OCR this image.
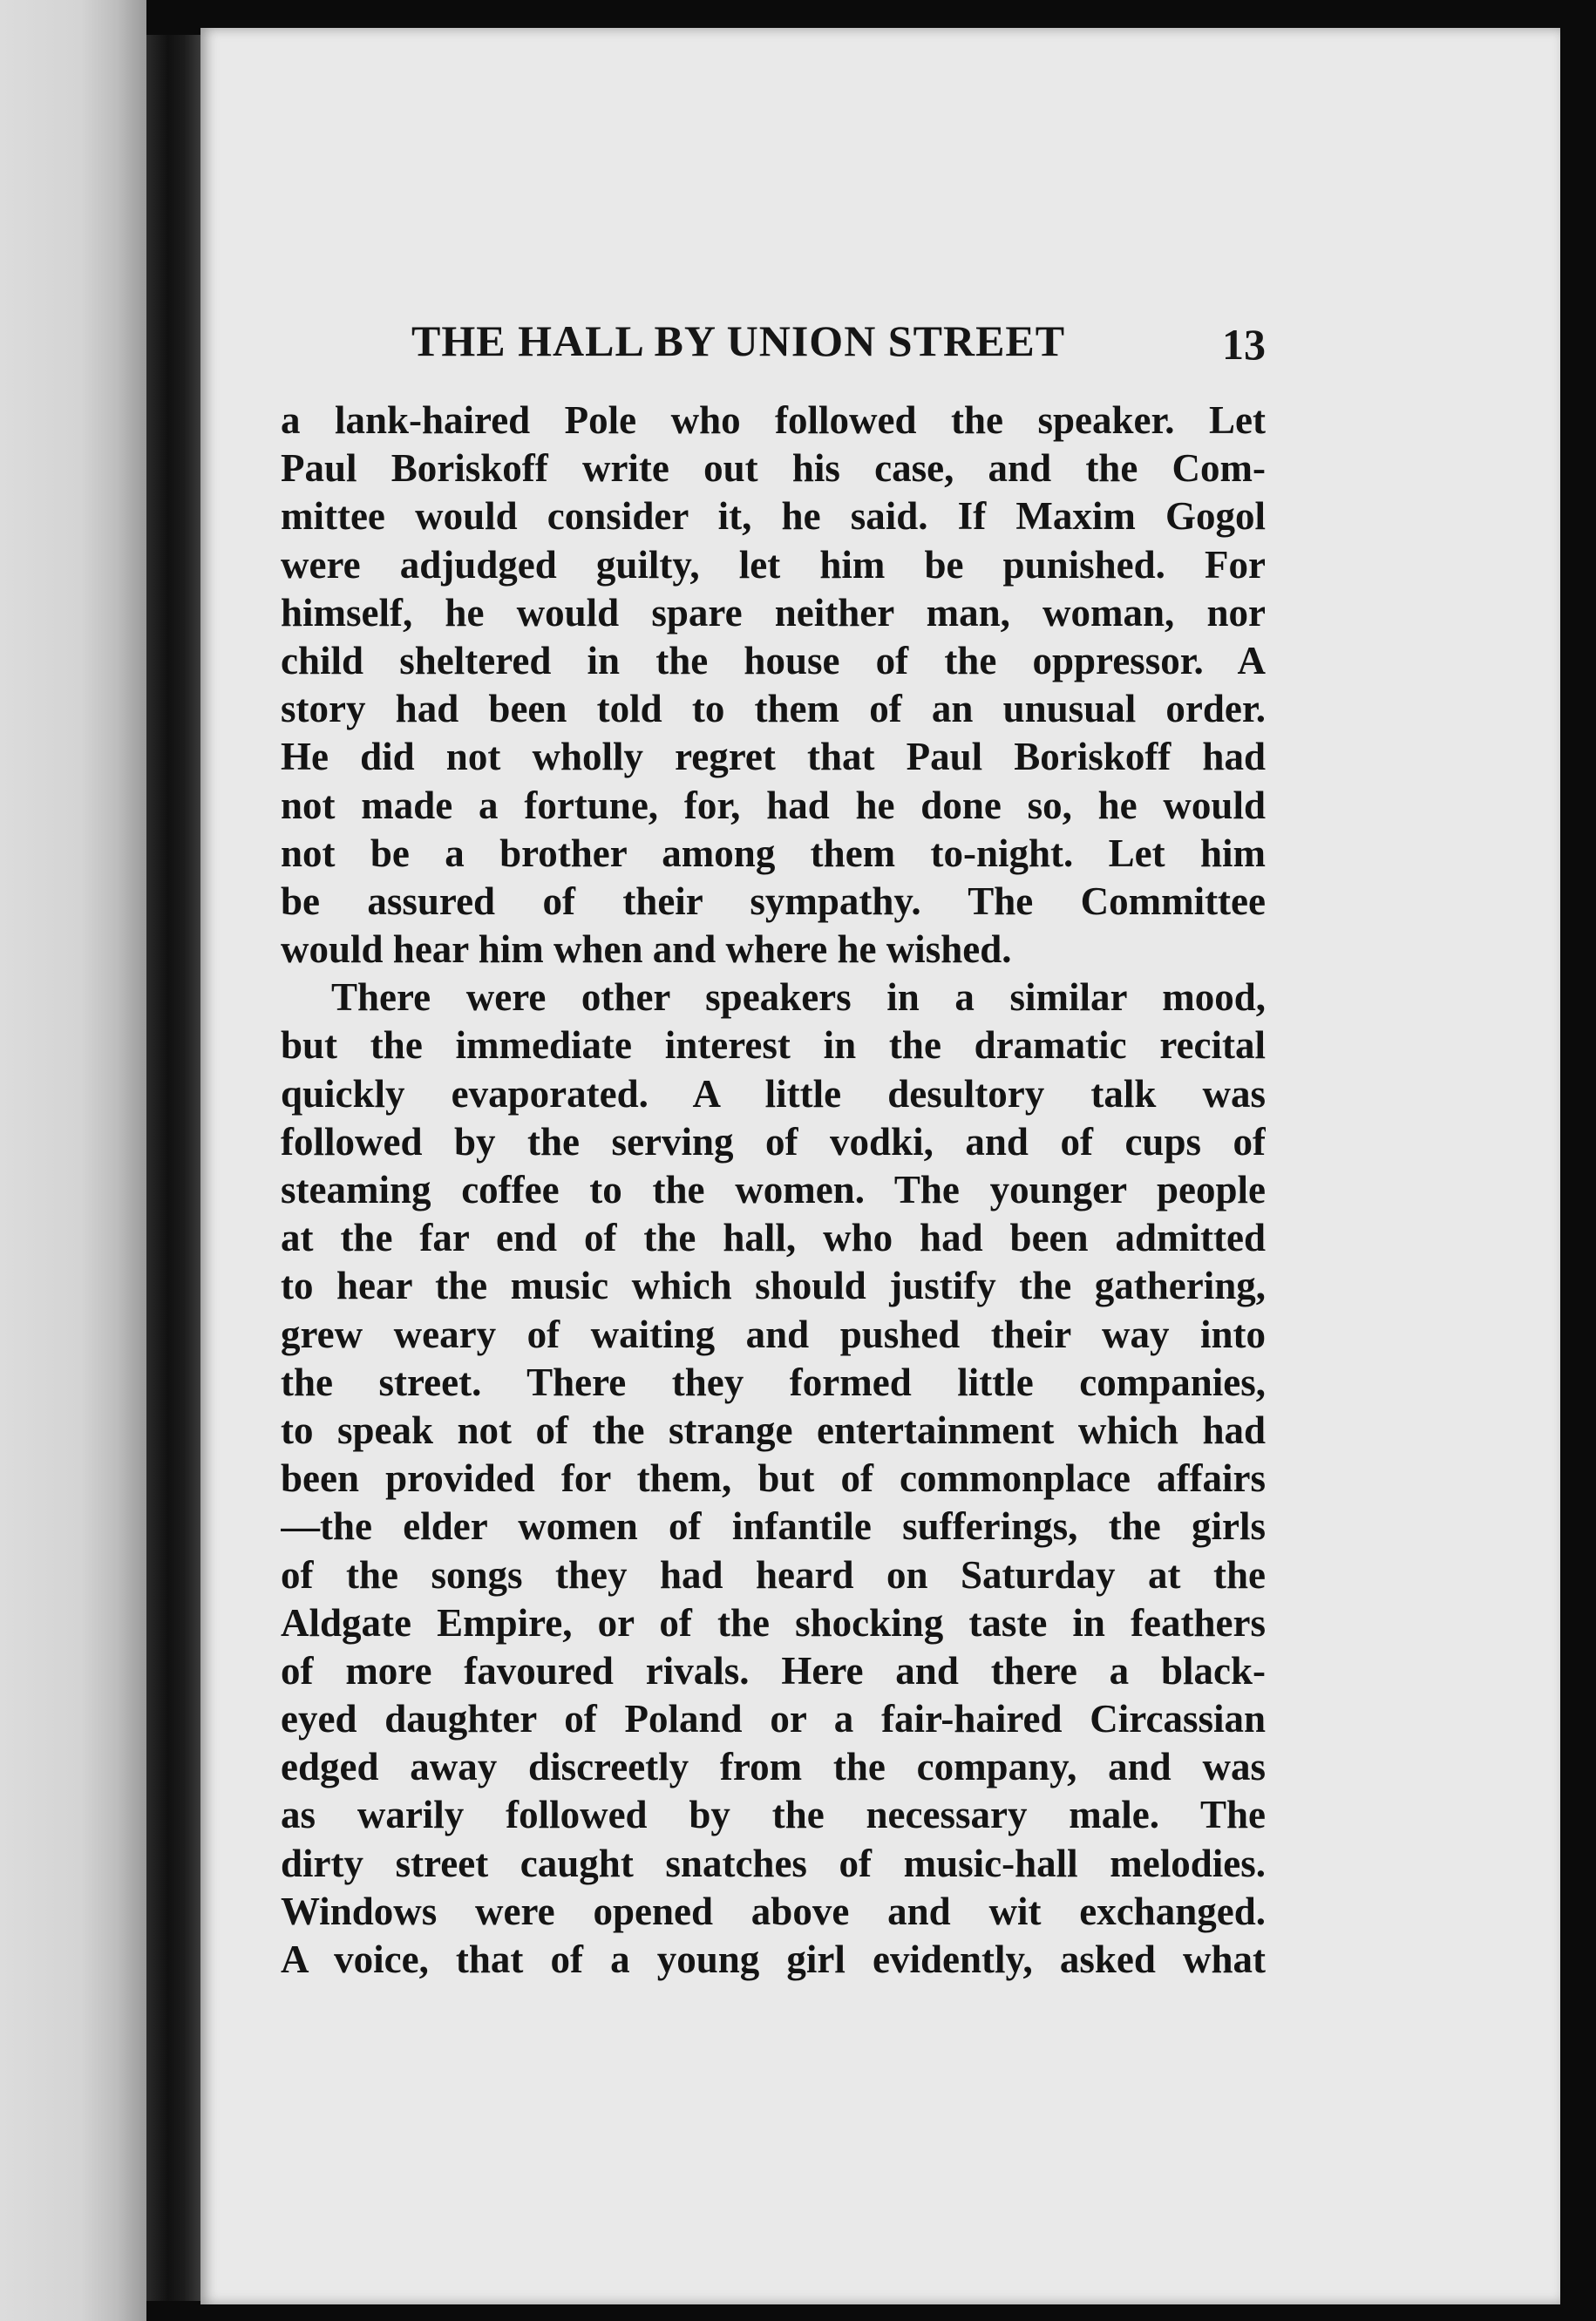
THE HALL BY UNION STREET	13
a lank-haired Pole who followed the speaker. Let
Paul Boriskoff write out his case, and the Com-
mittee would consider it, he said. If Maxim Gogol
were adjudged guilty, let him be punished. For
himself, he would spare neither man, woman, nor
child sheltered in the house of the oppressor. A
story had been told to them of an unusual order.
He did not wholly regret that Paul Boriskoff had
not made a fortune, for, had he done so, he would
not be a brother among them to-night. Let him
be assured of their sympathy. The Committee
would hear him when and where he wished.
There were other speakers in a similar mood,
but the immediate interest in the dramatic recital
quickly evaporated. A little desultory talk was
followed by the serving of vodki, and of cups of
steaming coffee to the women. The younger people
at the far end of the hall, who had been admitted
to hear the music which should justify the gathering,
grew weary of waiting and pushed their way into
the street. There they formed little companies,
to speak not of the strange entertainment which had
been provided for them, but of commonplace affairs
—the elder women of infantile sufferings, the girls
of the songs they had heard on Saturday at the
Aldgate Empire, or of the shocking taste in feathers
of more favoured rivals. Here and there a black-
eyed daughter of Poland or a fair-haired Circassian
edged away discreetly from the company, and was
as warily followed by the necessary male. The
dirty street caught snatches of music-hall melodies.
Windows were opened above and wit exchanged.
A voice, that of a young girl evidently, asked what
